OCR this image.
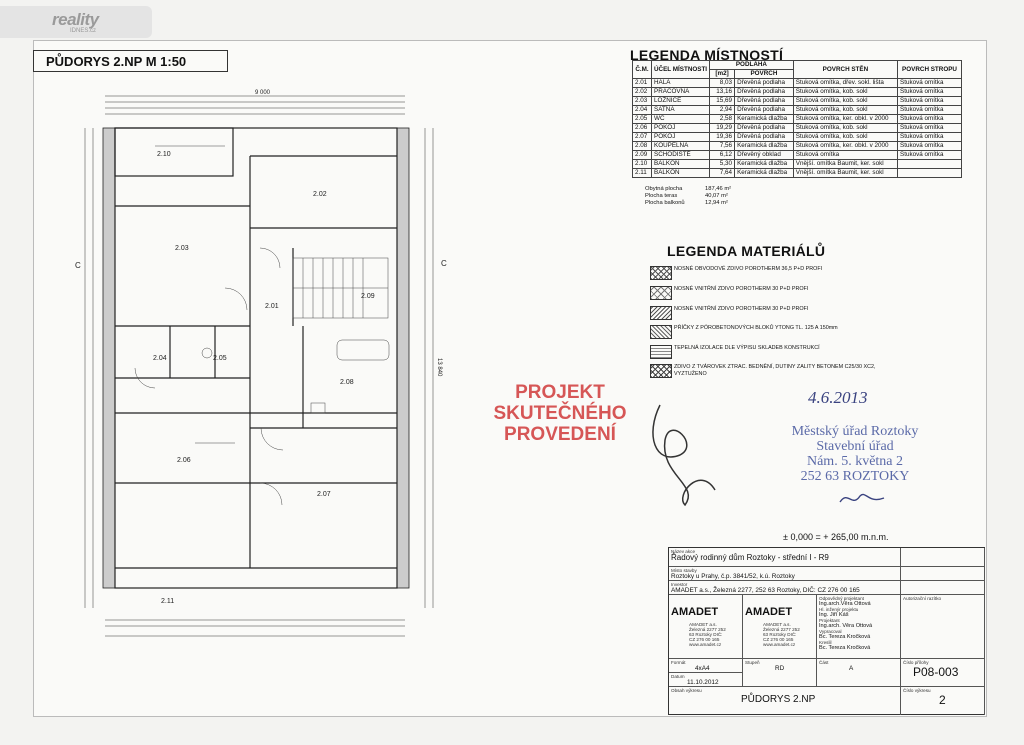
reality
IDNES.cz
PŮDORYS 2.NP M 1:50
2.10
2.02
2.03
2.01
2.09
2.04	2.05
2.08
2.06
2.07
2.11
9 000
13 840
C	C
LEGENDA MÍSTNOSTÍ
Č.M.	ÚČEL MÍSTNOSTI	PODLAHA		POVRCH STĚN	POVRCH STROPU
		[m2]	POVRCH		
2.01	HALA	8,03	Dřevěná podlaha	Štuková omítka, dřev. sokl. lišta	Štuková omítka
2.02	PRACOVNA	13,16	Dřevěná podlaha	Štuková omítka, kob. sokl	Štuková omítka
2.03	LOŽNICE	15,69	Dřevěná podlaha	Štuková omítka, kob. sokl	Štuková omítka
2.04	ŠATNA	2,94	Dřevěná podlaha	Štuková omítka, kob. sokl	Štuková omítka
2.05	WC	2,58	Keramická dlažba	Štuková omítka, ker. obkl. v 2000	Štuková omítka
2.06	POKOJ	19,29	Dřevěná podlaha	Štuková omítka, kob. sokl	Štuková omítka
2.07	POKOJ	19,36	Dřevěná podlaha	Štuková omítka, kob. sokl	Štuková omítka
2.08	KOUPELNA	7,56	Keramická dlažba	Štuková omítka, ker. obkl. v 2000	Štuková omítka
2.09	SCHODIŠTĚ	6,12	Dřevěný obklad	Štuková omítka	Štuková omítka
2.10	BALKÓN	5,30	Keramická dlažba	Vnější. omítka Baumit, ker. sokl	
2.11	BALKÓN	7,64	Keramická dlažba	Vnější. omítka Baumit, ker. sokl	
Obytná plocha	187,46 m²
Plocha teras	40,07 m²
Plocha balkonů	12,94 m²
LEGENDA MATERIÁLŮ
NOSNÉ OBVODOVÉ ZDIVO POROTHERM 36,5 P+D PROFI
NOSNÉ VNITŘNÍ ZDIVO POROTHERM 30 P+D PROFI
NOSNÉ VNITŘNÍ ZDIVO POROTHERM 30 P+D PROFI
PŘÍČKY Z PÓROBETONOVÝCH BLOKŮ YTONG TL. 125 A 150mm
TEPELNÁ IZOLACE DLE VÝPISU SKLADEB KONSTRUKCÍ
ZDIVO Z TVÁROVEK ZTRAC. BEDNĚNÍ, DUTINY ZALITY BETONEM C25/30 XC2, VYZTUŽENO
PROJEKT
SKUTEČNÉHO
PROVEDENÍ
4.6.2013
Městský úřad Roztoky
Stavební úřad
Nám. 5. května 2
252 63 ROZTOKY
± 0,000 = + 265,00 m.n.m.
Název akce
Řadový rodinný dům Roztoky - střední I - R9

Místo stavby
Roztoky u Prahy, č.p. 3841/52, k.ú. Roztoky
Investor
AMADET a.s., Železná 2277, 252 63 Roztoky, DIČ: CZ 276 00 165
AMADET
AMADET a.s. Železná 2277 252 63 Roztoky DIČ: CZ 276 00 165 www.amadet.cz
AMADET
AMADET a.s. Železná 2277 252 63 Roztoky DIČ: CZ 276 00 165 www.amadet.cz
Odpovědný projektant
Ing.arch.Věra Ottová
Hl. inženýr projektu
Ing. Jiří Káš
Projektant
Ing.arch. Věra Ottová
Vypracoval
Bc. Tereza Kročková
Kreslil
Bc. Tereza Kročková
Autorizační razítko
Formát
4xA4
Stupeň
RD
Část
A
Číslo přílohy
P08-003
Datum
11.10.2012
Obsah výkresu
PŮDORYS 2.NP
Číslo výkresu
2
